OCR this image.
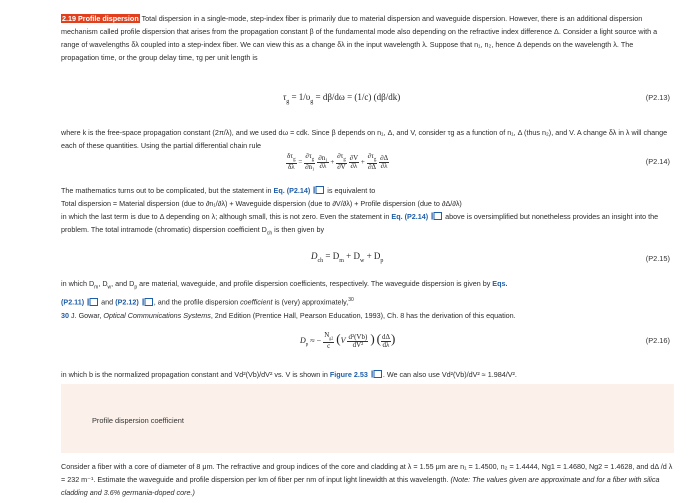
2.19 Profile dispersion Total dispersion in a single-mode, step-index fiber is primarily due to material dispersion and waveguide dispersion. However, there is an additional dispersion mechanism called profile dispersion that arises from the propagation constant β of the fundamental mode also depending on the refractive index difference Δ. Consider a light source with a range of wavelengths δλ coupled into a step-index fiber. We can view this as a change δλ in the input wavelength λ. Suppose that n₁, n₂, hence Δ depends on the wavelength λ. The propagation time, or the group delay time, τg per unit length is
$\tau_g = 1/\upsilon_g = d\beta/d\omega = (1/c)$ (dβ/dk)	(P2.13)
where k is the free-space propagation constant (2π/λ), and we used dω = cdk. Since β depends on n₁, Δ, and V, consider τg as a function of n₁, Δ (thus n₂), and V. A change δλ in λ will change each of these quantities. Using the partial differential chain rule
$\frac{\delta\tau_g}{\delta\lambda} = \frac{\partial\tau_g}{\text{∂n₁}}$
$\frac{\text{∂n₁}}{\partial\lambda} + \frac{\partial\tau_g}{\partial V}$
$\frac{\partial V}{\partial\lambda} + \frac{\partial\tau_g}{\partial\Delta}$
$\frac{\partial\Delta}{\partial\lambda}$	(P2.14)
The mathematics turns out to be complicated, but the statement in Eq. (P2.14)  is equivalent to
Total dispersion = Material dispersion (due to ∂n₁/∂λ) + Waveguide dispersion (due to ∂V/∂λ) + Profile dispersion (due to ∂Δ/∂λ)
in which the last term is due to Δ depending on λ; although small, this is not zero. Even the statement in Eq. (P2.14)  above is oversimplified but nonetheless provides an insight into the problem. The total intramode (chromatic) dispersion coefficient $D_{ch}$ is then given by
$D_{ch} = D_m + D_w + D_p$	(P2.15)
in which $D_m$, $D_w$, and $D_p$ are material, waveguide, and profile dispersion coefficients, respectively. The waveguide dispersion is given by Eqs.
(P2.11)  and (P2.12) , and the profile dispersion coefficient is (very) approximately,$^{30}$
30 J. Gowar, Optical Communications Systems, 2nd Edition (Prentice Hall, Pearson Education, 1993), Ch. 8 has the derivation of this equation.
$D_p$ ≈ − $\frac{N_{g2}}{c} (V \frac{\text{d²(Vb)}}{\text{dV²}}$ ) ( $\frac{d\Delta}{d\lambda}$ )	(P2.16)
in which b is the normalized propagation constant and Vd²(Vb)/dV² vs. V is shown in Figure 2.53 . We can also use Vd²(Vb)/dV² ≈ 1.984/V².
Profile dispersion coefficient
Consider a fiber with a core of diameter of 8 μm. The refractive and group indices of the core and cladding at λ = 1.55 μm are n₁ = 1.4500, n₂ = 1.4444, Ng1 = 1.4680, Ng2 = 1.4628, and dΔ /d λ = 232 m⁻¹. Estimate the waveguide and profile dispersion per km of fiber per nm of input light linewidth at this wavelength. (Note: The values given are approximate and for a fiber with silica cladding and 3.6% germania-doped core.)
